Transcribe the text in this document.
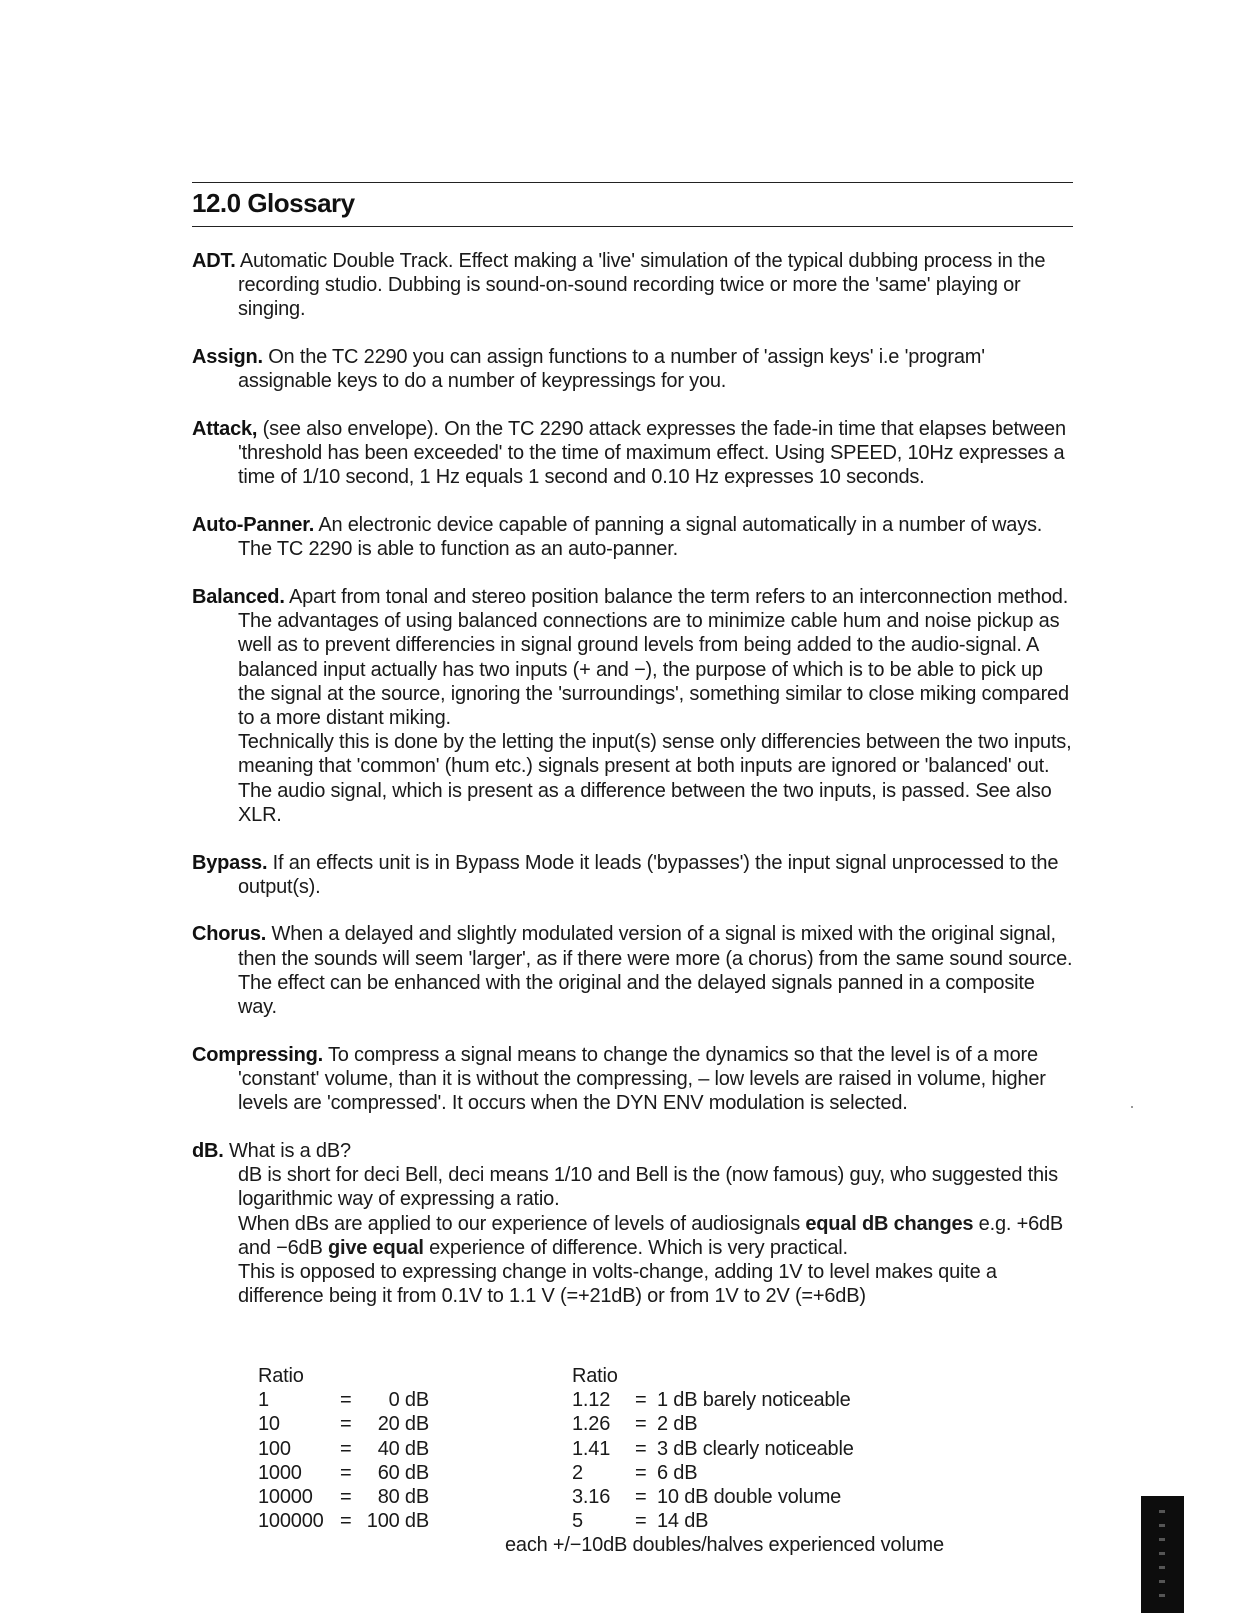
12.0 Glossary

ADT. Automatic Double Track. Effect making a 'live' simulation of the typical dubbing process in the recording studio. Dubbing is sound-on-sound recording twice or more the 'same' playing or singing.

Assign. On the TC 2290 you can assign functions to a number of 'assign keys' i.e 'program' assignable keys to do a number of keypressings for you.

Attack, (see also envelope). On the TC 2290 attack expresses the fade-in time that elapses between 'threshold has been exceeded' to the time of maximum effect. Using SPEED, 10Hz expresses a time of 1/10 second, 1 Hz equals 1 second and 0.10 Hz expresses 10 seconds.

Auto-Panner. An electronic device capable of panning a signal automatically in a number of ways. The TC 2290 is able to function as an auto-panner.

Balanced. Apart from tonal and stereo position balance the term refers to an interconnection method. The advantages of using balanced connections are to minimize cable hum and noise pickup as well as to prevent differencies in signal ground levels from being added to the audio-signal. A balanced input actually has two inputs (+ and −), the purpose of which is to be able to pick up the signal at the source, ignoring the 'surroundings', something similar to close miking compared to a more distant miking.
Technically this is done by the letting the input(s) sense only differencies between the two inputs, meaning that 'common' (hum etc.) signals present at both inputs are ignored or 'balanced' out. The audio signal, which is present as a difference between the two inputs, is passed. See also XLR.

Bypass. If an effects unit is in Bypass Mode it leads ('bypasses') the input signal unprocessed to the output(s).

Chorus. When a delayed and slightly modulated version of a signal is mixed with the original signal, then the sounds will seem 'larger', as if there were more (a chorus) from the same sound source. The effect can be enhanced with the original and the delayed signals panned in a composite way.

Compressing. To compress a signal means to change the dynamics so that the level is of a more 'constant' volume, than it is without the compressing, – low levels are raised in volume, higher levels are 'compressed'. It occurs when the DYN ENV modulation is selected.

dB. What is a dB?
dB is short for deci Bell, deci means 1/10 and Bell is the (now famous) guy, who suggested this logarithmic way of expressing a ratio.
When dBs are applied to our experience of levels of audiosignals equal dB changes e.g. +6dB and −6dB give equal experience of difference. Which is very practical.
This is opposed to expressing change in volts-change, adding 1V to level makes quite a difference being it from 0.1V to 1.1 V (=+21dB) or from 1V to 2V (=+6dB)

Ratio
1	= 0 dB
10	= 20 dB
100 = 40 dB
1000 = 60 dB
10000 = 80 dB
100000 = 100 dB
Ratio
1.12 = 1 dB barely noticeable
1.26 = 2 dB
1.41 = 3 dB clearly noticeable
2	= 6 dB
3.16 = 10 dB double volume
5	= 14 dB
each +/−10dB doubles/halves experienced volume
